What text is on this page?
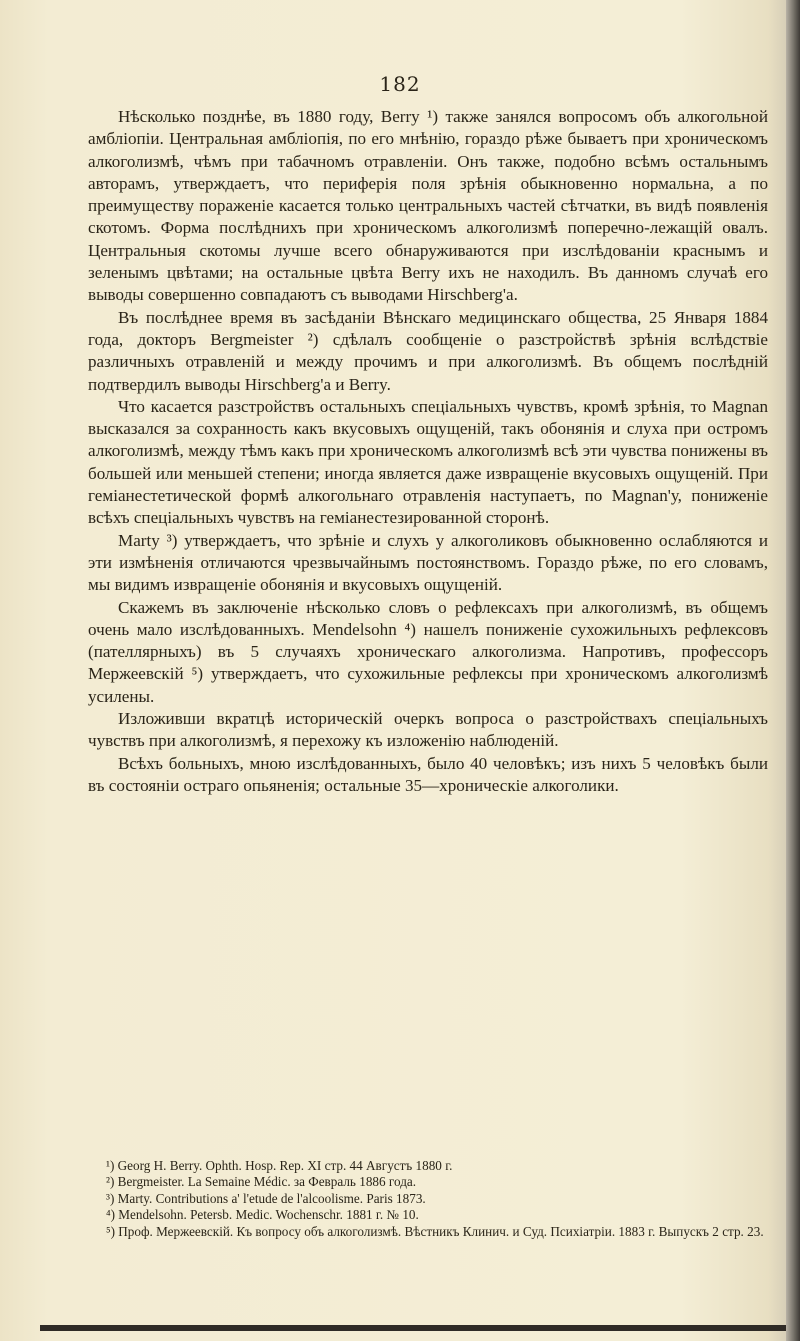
182

Нѣсколько позднѣе, въ 1880 году, Berry ¹) также занялся вопросомъ объ алкогольной амбліопіи. Центральная амбліопія, по его мнѣнію, гораздо рѣже бываетъ при хроническомъ алкоголизмѣ, чѣмъ при табачномъ отравленіи. Онъ также, подобно всѣмъ остальнымъ авторамъ, утверждаетъ, что периферія поля зрѣнія обыкновенно нормальна, а по преимуществу пораженіе касается только центральныхъ частей сѣтчатки, въ видѣ появленія скотомъ. Форма послѣднихъ при хроническомъ алкоголизмѣ поперечно-лежащій овалъ. Центральныя скотомы лучше всего обнаруживаются при изслѣдованіи краснымъ и зеленымъ цвѣтами; на остальные цвѣта Berry ихъ не находилъ. Въ данномъ случаѣ его выводы совершенно совпадаютъ съ выводами Hirschberg'а.

Въ послѣднее время въ засѣданіи Вѣнскаго медицинскаго общества, 25 Января 1884 года, докторъ Bergmeister ²) сдѣлалъ сообщеніе о разстройствѣ зрѣнія вслѣдствіе различныхъ отравленій и между прочимъ и при алкоголизмѣ. Въ общемъ послѣдній подтвердилъ выводы Hirschberg'а и Berry.

Что касается разстройствъ остальныхъ спеціальныхъ чувствъ, кромѣ зрѣнія, то Magnan высказался за сохранность какъ вкусовыхъ ощущеній, такъ обонянія и слуха при остромъ алкоголизмѣ, между тѣмъ какъ при хроническомъ алкоголизмѣ всѣ эти чувства понижены въ большей или меньшей степени; иногда является даже извращеніе вкусовыхъ ощущеній. При геміанестетической формѣ алкогольнаго отравленія наступаетъ, по Magnan'у, пониженіе всѣхъ спеціальныхъ чувствъ на геміанестезированной сторонѣ.

Marty ³) утверждаетъ, что зрѣніе и слухъ у алкоголиковъ обыкновенно ослабляются и эти измѣненія отличаются чрезвычайнымъ постоянствомъ. Гораздо рѣже, по его словамъ, мы видимъ извращеніе обонянія и вкусовыхъ ощущеній.

Скажемъ въ заключеніе нѣсколько словъ о рефлексахъ при алкоголизмѣ, въ общемъ очень мало изслѣдованныхъ. Mendelsohn ⁴) нашелъ пониженіе сухожильныхъ рефлексовъ (пателлярныхъ) въ 5 случаяхъ хроническаго алкоголизма. Напротивъ, профессоръ Мержеевскій ⁵) утверждаетъ, что сухожильные рефлексы при хроническомъ алкоголизмѣ усилены.

Изложивши вкратцѣ историческій очеркъ вопроса о разстройствахъ спеціальныхъ чувствъ при алкоголизмѣ, я перехожу къ изложенію наблюденій.

Всѣхъ больныхъ, мною изслѣдованныхъ, было 40 человѣкъ; изъ нихъ 5 человѣкъ были въ состояніи остраго опьяненія; остальные 35—хроническіе алкоголики.

¹) Georg H. Berry. Ophth. Hosp. Rep. XI стр. 44 Августъ 1880 г.

²) Bergmeister. La Semaine Médic. за Февраль 1886 года.

³) Marty. Contributions a' l'etude de l'alcoolisme. Paris 1873.

⁴) Mendelsohn. Petersb. Medic. Wochenschr. 1881 г. № 10.

⁵) Проф. Мержеевскій. Къ вопросу объ алкоголизмѣ. Вѣстникъ Клинич. и Суд. Психіатріи. 1883 г. Выпускъ 2 стр. 23.
